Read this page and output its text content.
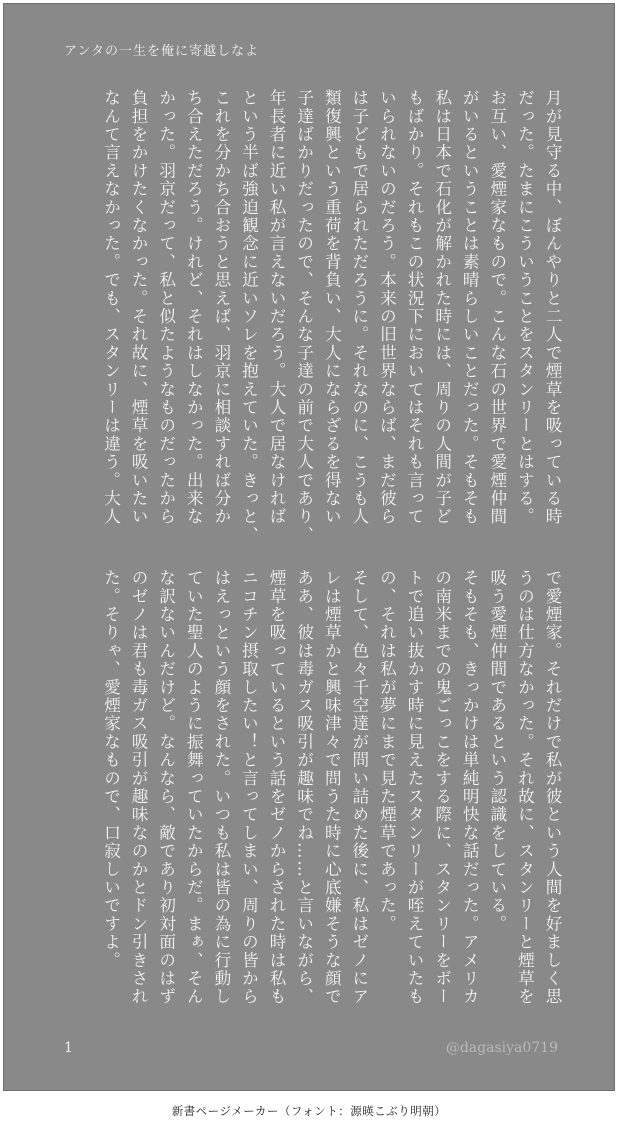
アンタの一生を俺に寄越しなよ

月が見守る中、ぼんやりと二人で煙草を吸っている時

だった。たまにこういうことをスタンリーとはする。

お互い、愛煙家なもので。こんな石の世界で愛煙仲間

がいるということは素晴らしいことだった。そもそも

私は日本で石化が解かれた時には、周りの人間が子ど

もばかり。それもこの状況下においてはそれも言って

いられないのだろう。本来の旧世界ならば、まだ彼ら

は子どもで居られただろうに。それなのに、こうも人

類復興という重荷を背負い、大人にならざるを得ない

子達ばかりだったので、そんな子達の前で大人であり、

年長者に近い私が言えないだろう。大人で居なければ

という半ば強迫観念に近いソレを抱えていた。きっと、

これを分かち合おうと思えば、羽京に相談すれば分か

ち合えただろう。けれど、それはしなかった。出来な

かった。羽京だって、私と似たようなものだったから

負担をかけたくなかった。それ故に、煙草を吸いたい

なんて言えなかった。でも、スタンリーは違う。大人

で愛煙家。それだけで私が彼という人間を好ましく思

うのは仕方なかった。それ故に、スタンリーと煙草を

吸う愛煙仲間であるという認識をしている。

そもそも、きっかけは単純明快な話だった。アメリカ

の南米までの鬼ごっこをする際に、スタンリーをボー

トで追い抜かす時に見えたスタンリーが咥えていたも

の、それは私が夢にまで見た煙草であった。

そして、色々千空達が問い詰めた後に、私はゼノにア

レは煙草かと興味津々で問うた時に心底嫌そうな顔で

ああ、彼は毒ガス吸引が趣味でね……と言いながら、

煙草を吸っているという話をゼノからされた時は私も

ニコチン摂取したい！と言ってしまい、周りの皆から

はえっという顔をされた。いつも私は皆の為に行動し

ていた聖人のように振舞っていたからだ。まぁ、そん

な訳ないんだけど。なんなら、敵であり初対面のはず

のゼノは君も毒ガス吸引が趣味なのかとドン引きされ

た。そりゃ、愛煙家なもので、口寂しいですよ。

1	@dagasiya0719
新書ページメーカー（フォント：源暎こぶり明朝）
